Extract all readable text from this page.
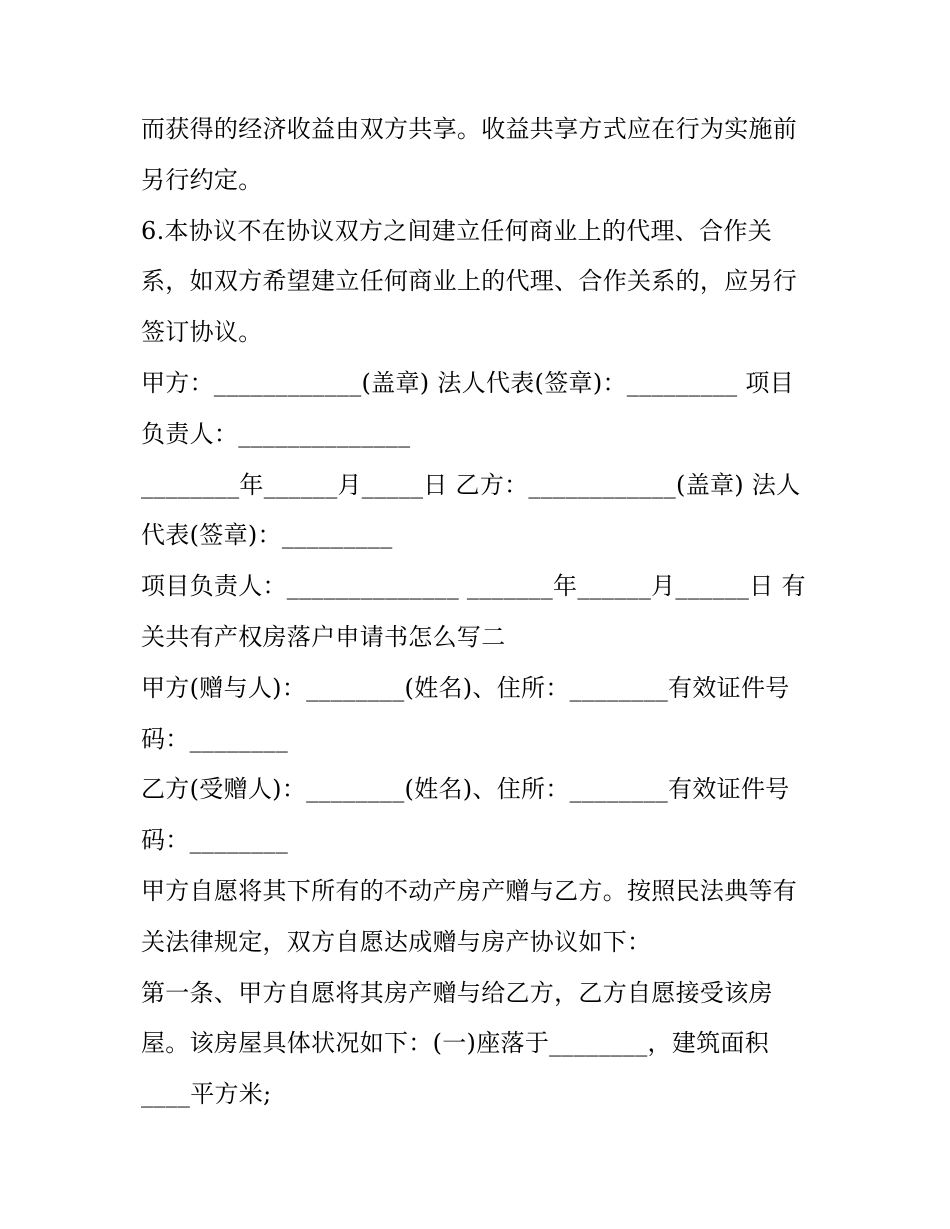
而获得的经济收益由双方共享。收益共享方式应在行为实施前
另行约定。
6.本协议不在协议双方之间建立任何商业上的代理、合作关
系，如双方希望建立任何商业上的代理、合作关系的，应另行
签订协议。
甲方：____________(盖章) 法人代表(签章)：_________ 项目
负责人：______________
________年______月_____日 乙方：____________(盖章) 法人
代表(签章)：_________
项目负责人：______________ _______年______月______日 有
关共有产权房落户申请书怎么写二
甲方(赠与人)：________(姓名)、住所：________有效证件号
码：________
乙方(受赠人)：________(姓名)、住所：________有效证件号
码：________
甲方自愿将其下所有的不动产房产赠与乙方。按照民法典等有
关法律规定，双方自愿达成赠与房产协议如下：
第一条、甲方自愿将其房产赠与给乙方，乙方自愿接受该房
屋。该房屋具体状况如下：(一)座落于________，建筑面积
____平方米;
